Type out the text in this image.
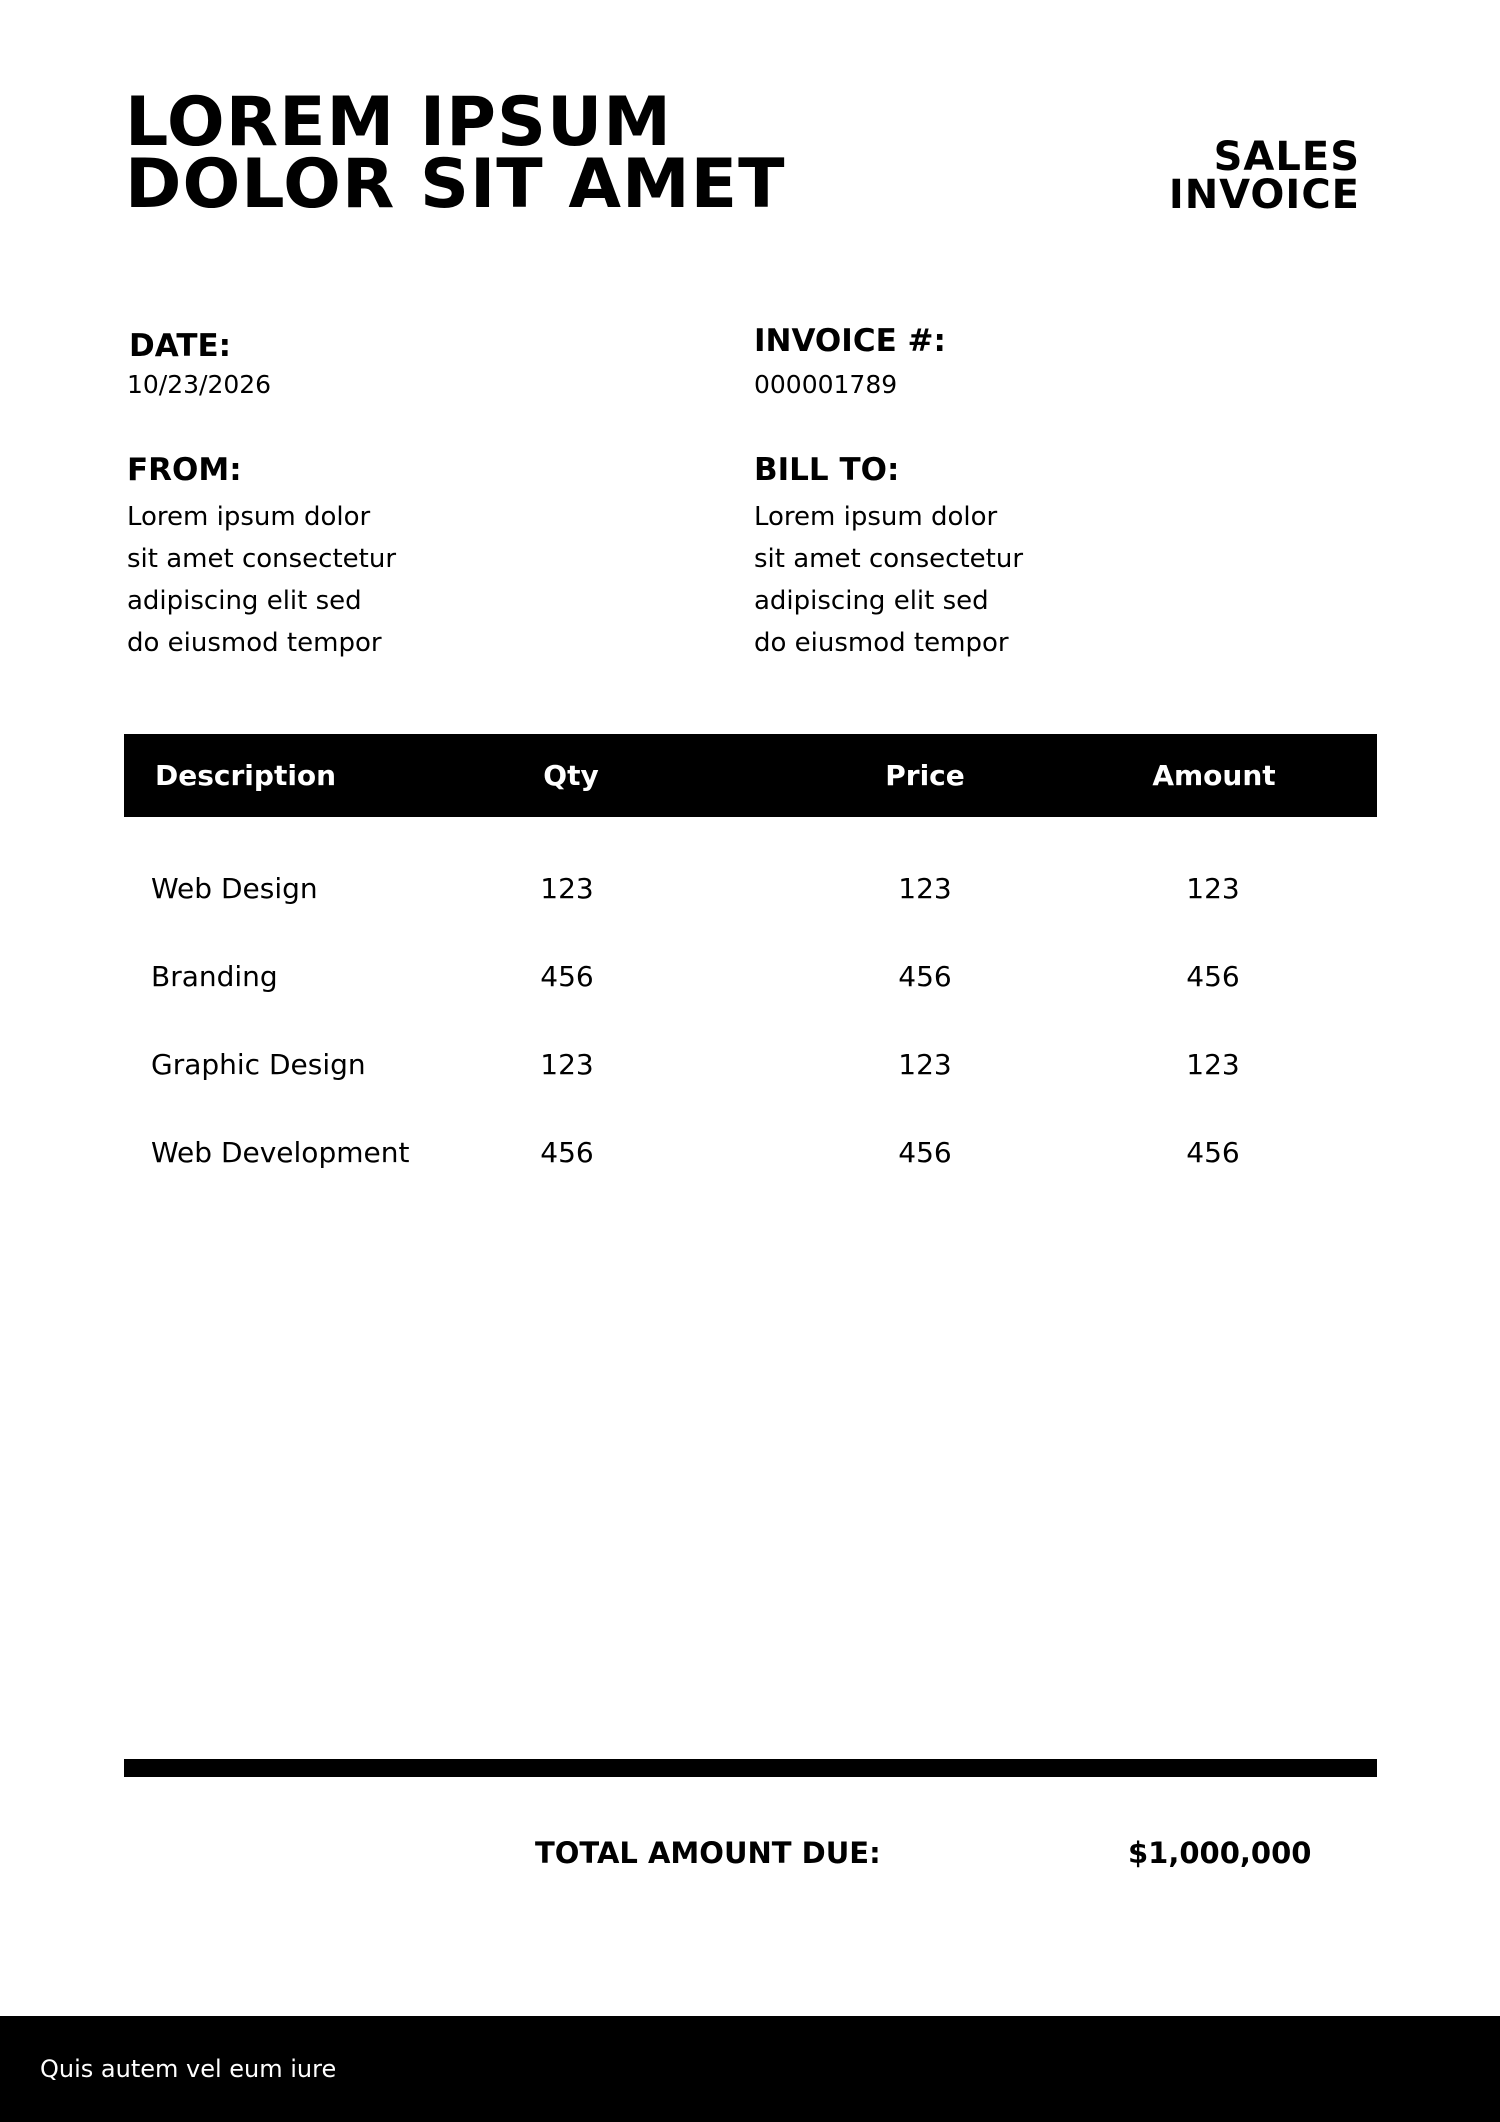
LOREM IPSUM
DOLOR SIT AMET	SALES
INVOICE
DATE:
10/23/2026
INVOICE #:
000001789
FROM:
Lorem ipsum dolor
sit amet consectetur
adipiscing elit sed
do eiusmod tempor
BILL TO:
Lorem ipsum dolor
sit amet consectetur
adipiscing elit sed
do eiusmod tempor
Description	Qty	Price	Amount
Web Design	123	123	123
Branding	456	456	456
Graphic Design	123	123	123
Web Development	456	456	456
TOTAL AMOUNT DUE:	$1,000,000
Quis autem vel eum iure
